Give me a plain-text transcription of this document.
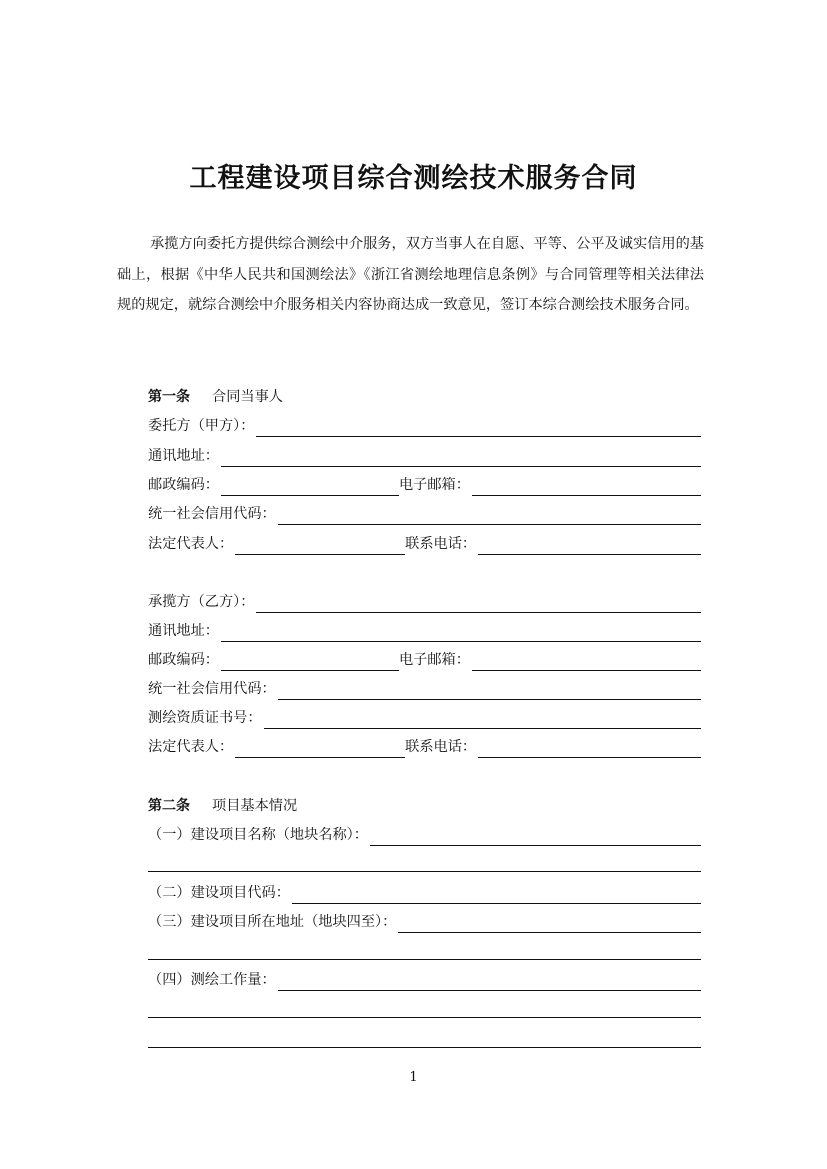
工程建设项目综合测绘技术服务合同

承揽方向委托方提供综合测绘中介服务，双方当事人在自愿、平等、公平及诚实信用的基础上，根据《中华人民共和国测绘法》《浙江省测绘地理信息条例》与合同管理等相关法律法规的规定，就综合测绘中介服务相关内容协商达成一致意见，签订本综合测绘技术服务合同。

第一条 合同当事人
委托方（甲方）：
通讯地址：
邮政编码：	电子邮箱：
统一社会信用代码：
法定代表人：	联系电话：
承揽方（乙方）：
通讯地址：
邮政编码：	电子邮箱：
统一社会信用代码：
测绘资质证书号：
法定代表人：	联系电话：
第二条 项目基本情况
（一）建设项目名称（地块名称）：
（二）建设项目代码：
（三）建设项目所在地址（地块四至）：
（四）测绘工作量：
1
